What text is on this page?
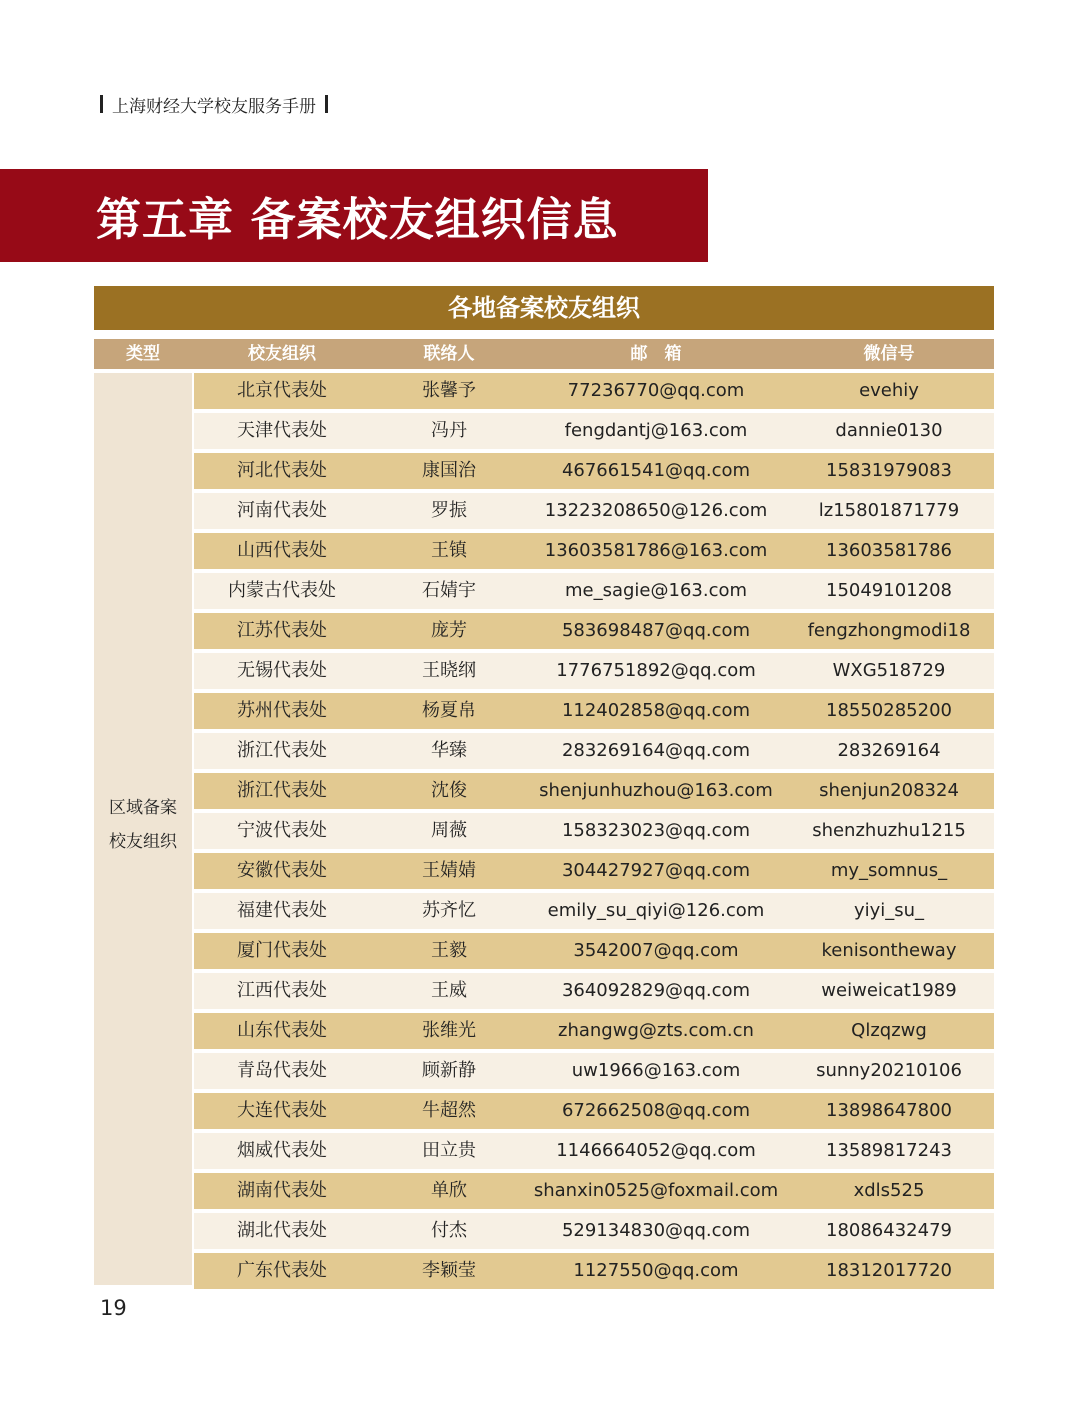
上海财经大学校友服务手册
第五章 备案校友组织信息
各地备案校友组织
类型	校友组织	联络人	邮　箱	微信号
区域备案
校友组织
北京代表处	张馨予	77236770@qq.com	evehiy
天津代表处	冯丹	fengdantj@163.com	dannie0130
河北代表处	康国治	467661541@qq.com	15831979083
河南代表处	罗振	13223208650@126.com	lz15801871779
山西代表处	王镇	13603581786@163.com	13603581786
内蒙古代表处	石婧宇	me_sagie@163.com	15049101208
江苏代表处	庞芳	583698487@qq.com	fengzhongmodi18
无锡代表处	王晓纲	1776751892@qq.com	WXG518729
苏州代表处	杨夏帛	112402858@qq.com	18550285200
浙江代表处	华臻	283269164@qq.com	283269164
浙江代表处	沈俊	shenjunhuzhou@163.com	shenjun208324
宁波代表处	周薇	158323023@qq.com	shenzhuzhu1215
安徽代表处	王婧婧	304427927@qq.com	my_somnus_
福建代表处	苏齐忆	emily_su_qiyi@126.com	yiyi_su_
厦门代表处	王毅	3542007@qq.com	kenisontheway
江西代表处	王威	364092829@qq.com	weiweicat1989
山东代表处	张维光	zhangwg@zts.com.cn	Qlzqzwg
青岛代表处	顾新静	uw1966@163.com	sunny20210106
大连代表处	牛超然	672662508@qq.com	13898647800
烟威代表处	田立贵	1146664052@qq.com	13589817243
湖南代表处	单欣	shanxin0525@foxmail.com	xdls525
湖北代表处	付杰	529134830@qq.com	18086432479
广东代表处	李颖莹	1127550@qq.com	18312017720
19
